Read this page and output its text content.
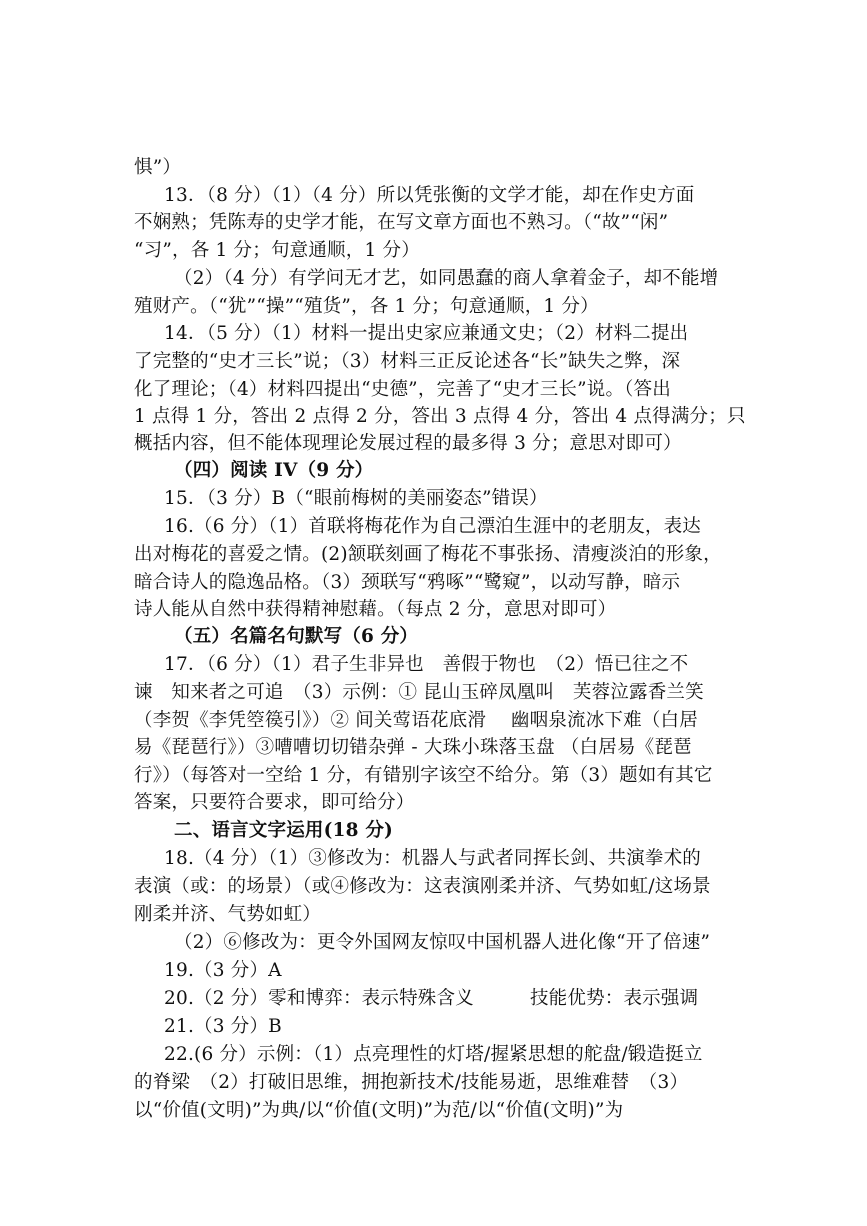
惧”）
13．（8 分）（1）（4 分）所以凭张衡的文学才能，却在作史方面
不娴熟；凭陈寿的史学才能，在写文章方面也不熟习。（“故”“闲”
“习”，各 1 分；句意通顺，1 分）
（2）（4 分）有学问无才艺，如同愚蠢的商人拿着金子，却不能增
殖财产。（“犹”“操”“殖货”，各 1 分；句意通顺，1 分）
14．（5 分）（1）材料一提出史家应兼通文史；（2）材料二提出
了完整的“史才三长”说；（3）材料三正反论述各“长”缺失之弊，深
化了理论；（4）材料四提出“史德”，完善了“史才三长”说。（答出
1 点得 1 分，答出 2 点得 2 分，答出 3 点得 4 分，答出 4 点得满分；只
概括内容，但不能体现理论发展过程的最多得 3 分；意思对即可）
（四）阅读 IV（9 分）
15．（3 分）B（“眼前梅树的美丽姿态”错误）
16.（6 分）（1）首联将梅花作为自己漂泊生涯中的老朋友，表达
出对梅花的喜爱之情。(2)颔联刻画了梅花不事张扬、清瘦淡泊的形象，
暗合诗人的隐逸品格。（3）颈联写“鸦啄”“鹭窥”，以动写静，暗示
诗人能从自然中获得精神慰藉。（每点 2 分，意思对即可）
（五）名篇名句默写（6 分）
17．（6 分）（1）君子生非异也　善假于物也　（2）悟已往之不
谏　知来者之可追　（3）示例：① 昆山玉碎凤凰叫　芙蓉泣露香兰笑
（李贺《李凭箜篌引》）② 间关莺语花底滑　 幽咽泉流冰下难（白居
易《琵琶行》）③嘈嘈切切错杂弹 - 大珠小珠落玉盘 （白居易《琵琶
行》）（每答对一空给 1 分，有错别字该空不给分。第（3）题如有其它
答案，只要符合要求，即可给分）
二、语言文字运用(18 分)
18.（4 分）（1）③修改为：机器人与武者同挥长剑、共演拳术的
表演（或：的场景）（或④修改为：这表演刚柔并济、气势如虹/这场景
刚柔并济、气势如虹）
（2）⑥修改为：更令外国网友惊叹中国机器人进化像“开了倍速”
19.（3 分）A
20.（2 分）零和博弈：表示特殊含义　　　技能优势：表示强调
21.（3 分）B
22.(6 分）示例：（1）点亮理性的灯塔/握紧思想的舵盘/锻造挺立
的脊梁　（2）打破旧思维，拥抱新技术/技能易逝，思维难替　（3）
以“价值(文明)”为典/以“价值(文明)”为范/以“价值(文明)”为
